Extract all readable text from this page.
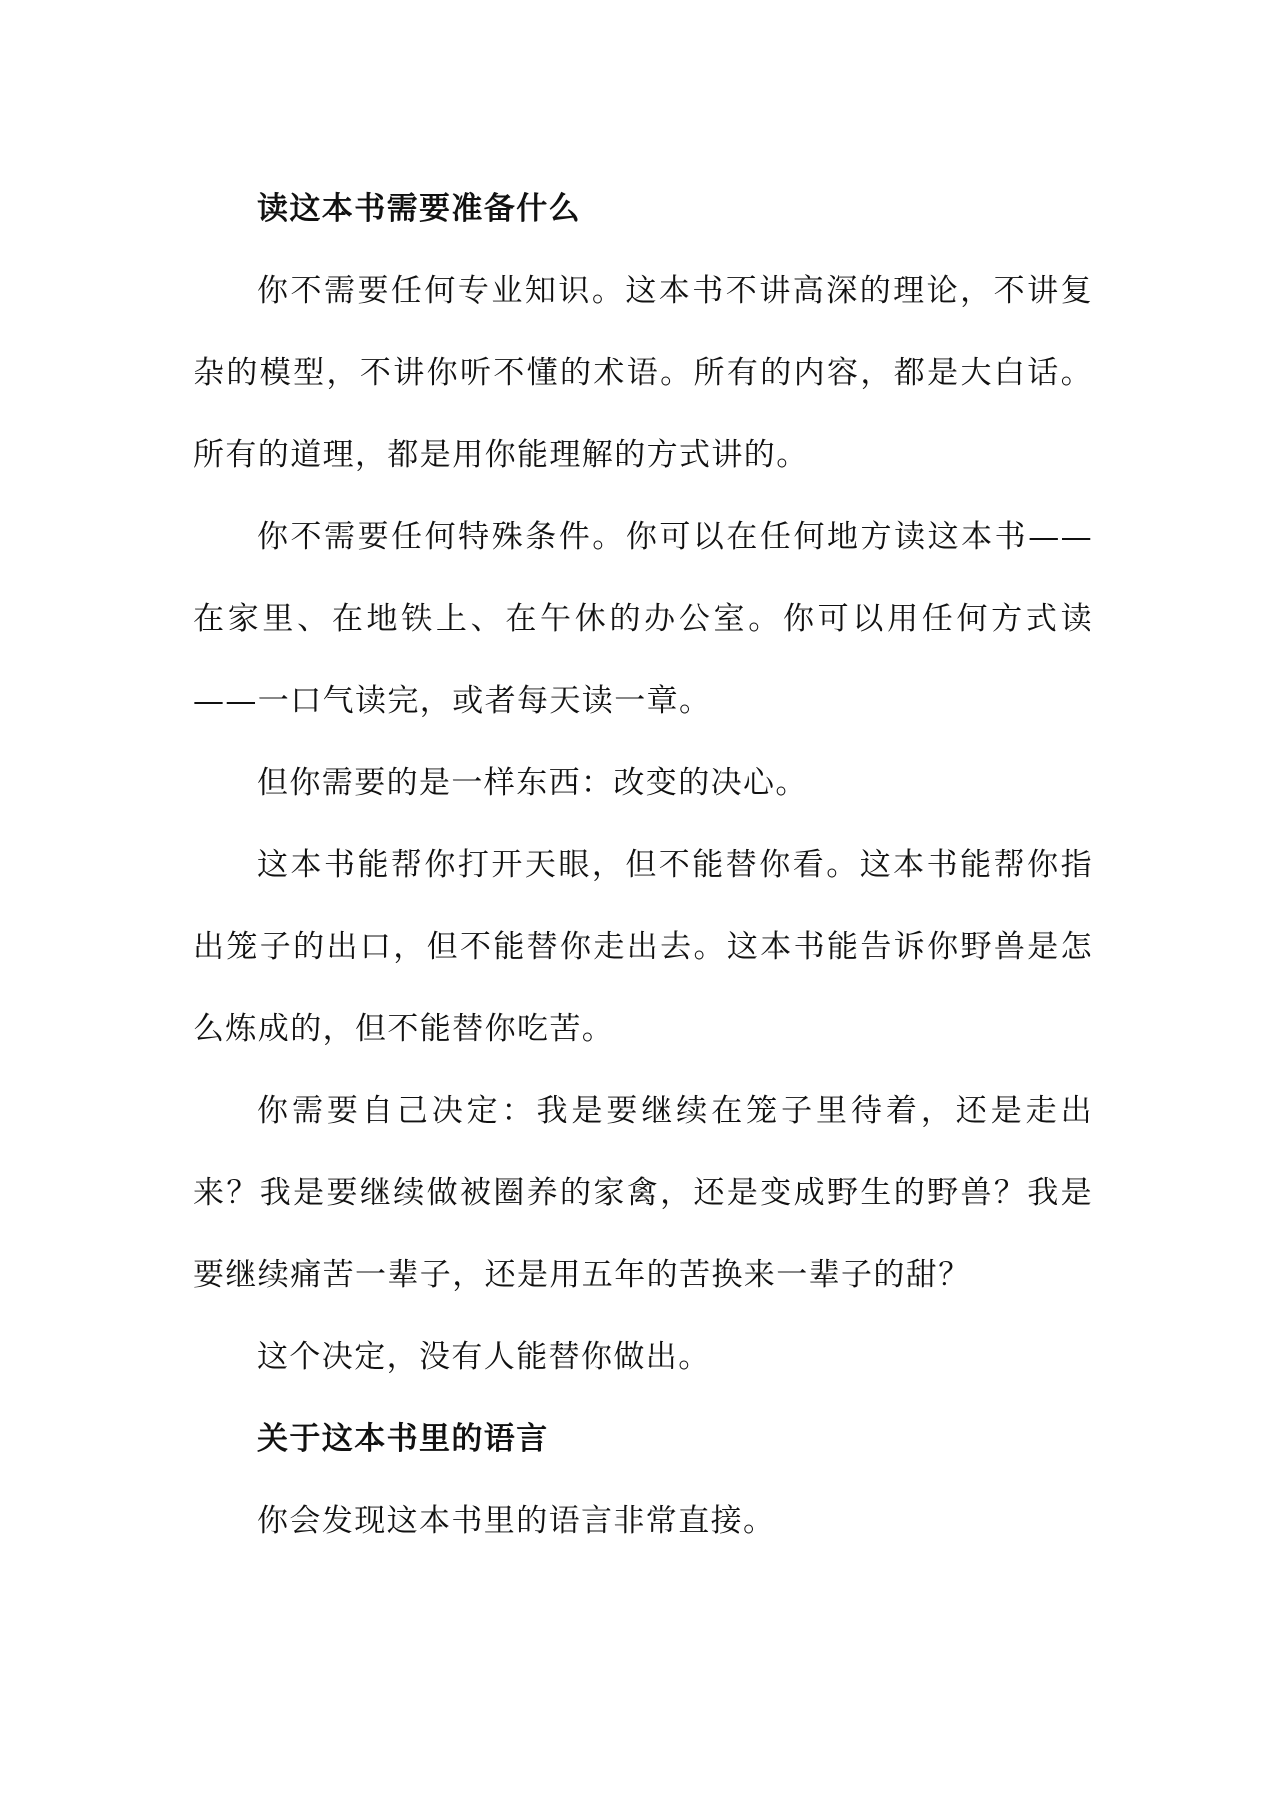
读这本书需要准备什么

你不需要任何专业知识。这本书不讲高深的理论，不讲复杂的模型，不讲你听不懂的术语。所有的内容，都是大白话。所有的道理，都是用你能理解的方式讲的。

你不需要任何特殊条件。你可以在任何地方读这本书——在家里、在地铁上、在午休的办公室。你可以用任何方式读——一口气读完，或者每天读一章。

但你需要的是一样东西：改变的决心。

这本书能帮你打开天眼，但不能替你看。这本书能帮你指出笼子的出口，但不能替你走出去。这本书能告诉你野兽是怎么炼成的，但不能替你吃苦。

你需要自己决定：我是要继续在笼子里待着，还是走出来？我是要继续做被圈养的家禽，还是变成野生的野兽？我是要继续痛苦一辈子，还是用五年的苦换来一辈子的甜？

这个决定，没有人能替你做出。

关于这本书里的语言

你会发现这本书里的语言非常直接。
